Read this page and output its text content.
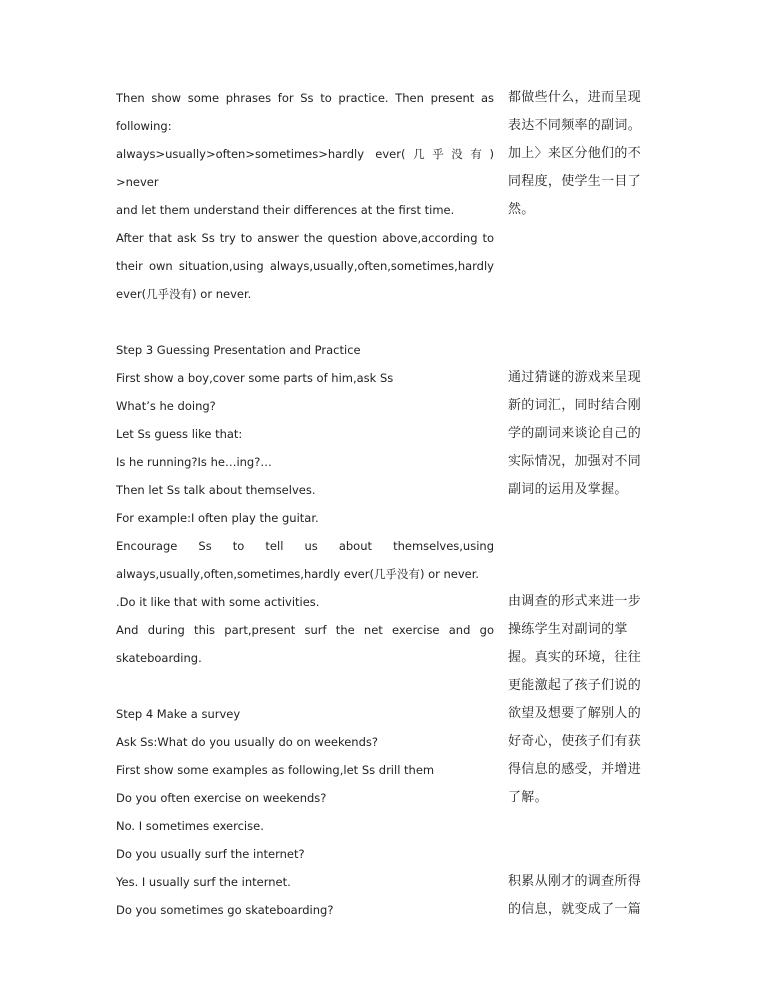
Then show some phrases for Ss to practice. Then present as
following:
always>usually>often>sometimes>hardly ever(几乎没有)
>never
and let them understand their differences at the first time.
After that ask Ss try to answer the question above,according to
their own situation,using always,usually,often,sometimes,hardly
ever(几乎没有) or never.
Step 3 Guessing Presentation and Practice
First show a boy,cover some parts of him,ask Ss
What’s he doing?
Let Ss guess like that:
Is he running?Is he…ing?…
Then let Ss talk about themselves.
For example:I often play the guitar.
Encourage Ss to tell us about themselves,using
always,usually,often,sometimes,hardly ever(几乎没有) or never.
.Do it like that with some activities.
And during this part,present surf the net exercise and go
skateboarding.
Step 4 Make a survey
Ask Ss:What do you usually do on weekends?
First show some examples as following,let Ss drill them
Do you often exercise on weekends?
No. I sometimes exercise.
Do you usually surf the internet?
Yes. I usually surf the internet.
Do you sometimes go skateboarding?
都做些什么，进而呈现
表达不同频率的副词。
加上〉来区分他们的不
同程度，使学生一目了
然。
通过猜谜的游戏来呈现
新的词汇，同时结合刚
学的副词来谈论自己的
实际情况，加强对不同
副词的运用及掌握。
由调查的形式来进一步
操练学生对副词的掌
握。真实的环境，往往
更能激起了孩子们说的
欲望及想要了解别人的
好奇心，使孩子们有获
得信息的感受，并增进
了解。
积累从刚才的调查所得
的信息，就变成了一篇
